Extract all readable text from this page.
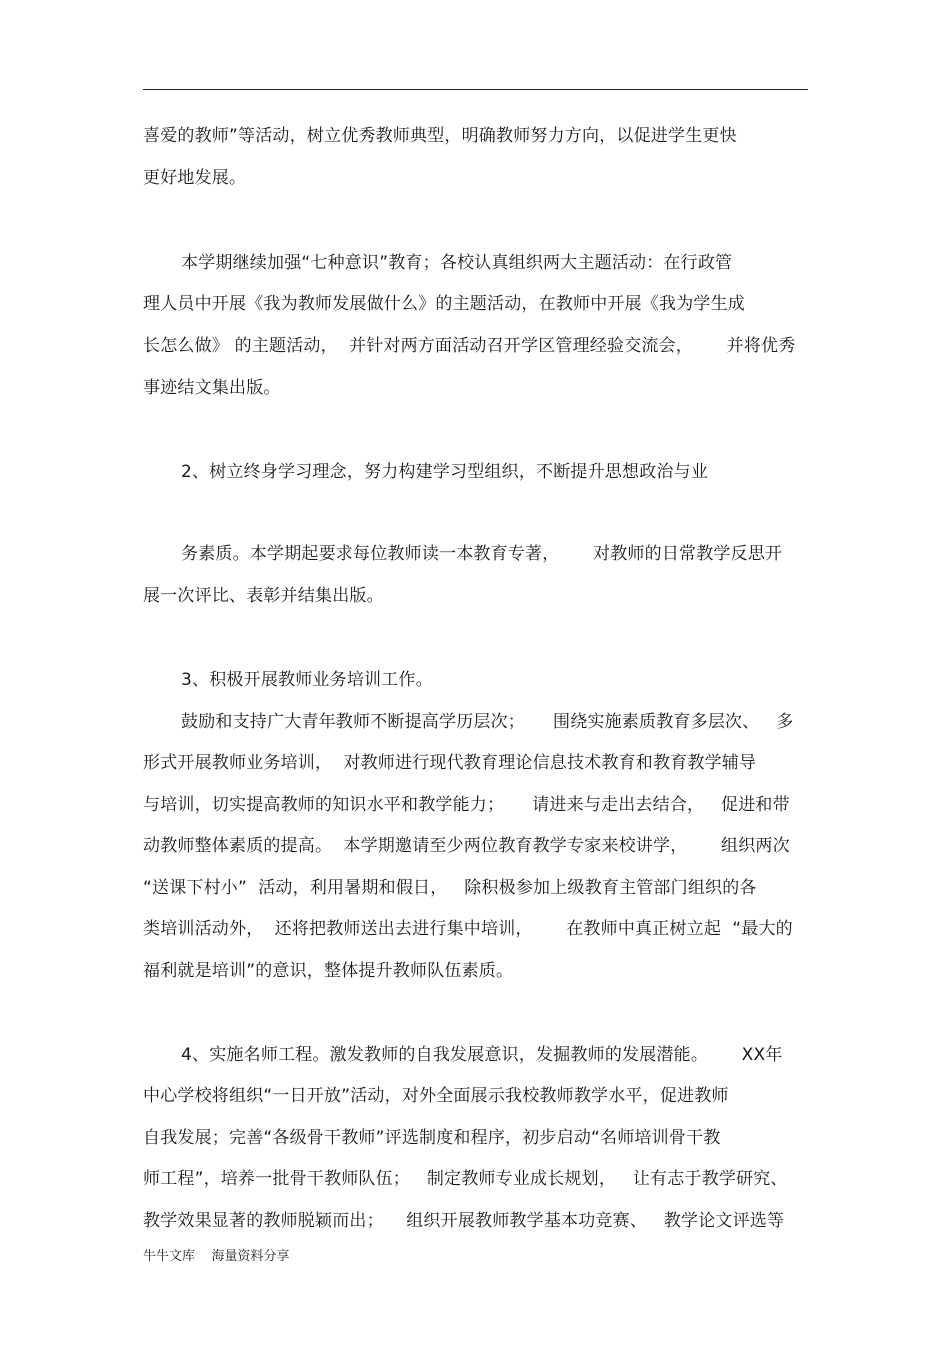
喜爱的教师”等活动，树立优秀教师典型，明确教师努力方向，以促进学生更快
更好地发展。
本学期继续加强“七种意识”教育；各校认真组织两大主题活动：在行政管
理人员中开展《我为教师发展做什么》的主题活动，在教师中开展《我为学生成
长怎么做》 的主题活动，  并针对两方面活动召开学区管理经验交流会，      并将优秀
事迹结文集出版。
2、树立终身学习理念，努力构建学习型组织，不断提升思想政治与业
务素质。本学期起要求每位教师读一本教育专著，      对教师的日常教学反思开
展一次评比、表彰并结集出版。
3、积极开展教师业务培训工作。
鼓励和支持广大青年教师不断提高学历层次；     围绕实施素质教育多层次、   多
形式开展教师业务培训，  对教师进行现代教育理论信息技术教育和教育教学辅导
与培训，切实提高教师的知识水平和教学能力；     请进来与走出去结合，   促进和带
动教师整体素质的提高。  本学期邀请至少两位教育教学专家来校讲学，      组织两次
“送课下村小”  活动，利用暑期和假日，   除积极参加上级教育主管部门组织的各
类培训活动外，  还将把教师送出去进行集中培训，      在教师中真正树立起  “最大的
福利就是培训”的意识，整体提升教师队伍素质。
4、实施名师工程。激发教师的自我发展意识，发掘教师的发展潜能。      XX年
中心学校将组织“一日开放”活动，对外全面展示我校教师教学水平，促进教师
自我发展；完善“各级骨干教师”评选制度和程序，初步启动“名师培训骨干教
师工程”，培养一批骨干教师队伍；   制定教师专业成长规划，   让有志于教学研究、
教学效果显著的教师脱颖而出；    组织开展教师教学基本功竞赛、   教学论文评选等
牛牛文库    海量资料分享
